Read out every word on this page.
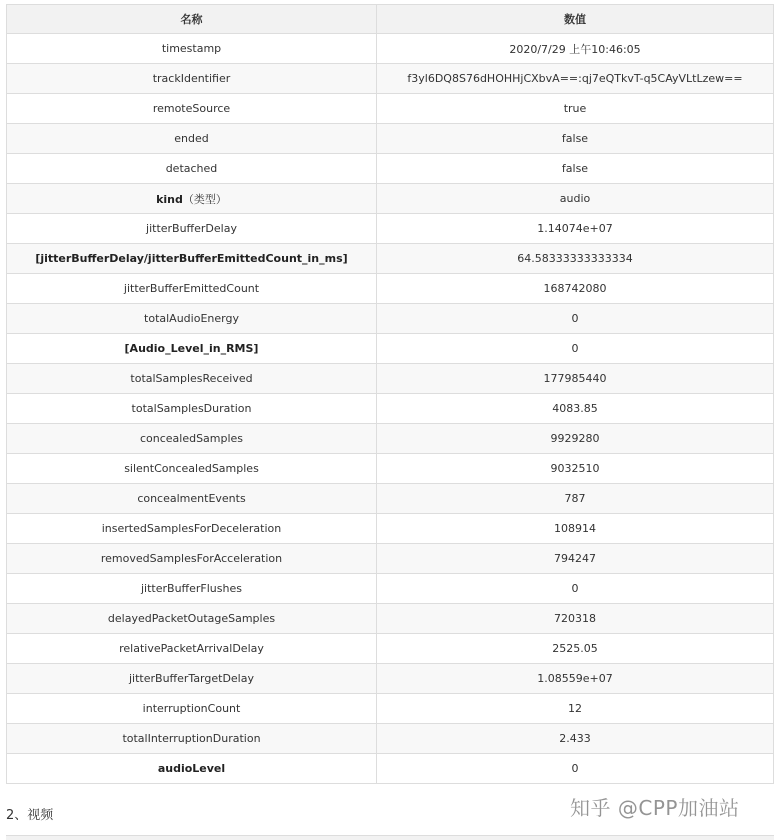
名称	数值
timestamp	2020/7/29 上午10:46:05
trackIdentifier	f3yl6DQ8S76dHOHHjCXbvA==:qj7eQTkvT-q5CAyVLtLzew==
remoteSource	true
ended	false
detached	false
kind（类型）	audio
jitterBufferDelay	1.14074e+07
[jitterBufferDelay/jitterBufferEmittedCount_in_ms]	64.58333333333334
jitterBufferEmittedCount	168742080
totalAudioEnergy	0
[Audio_Level_in_RMS]	0
totalSamplesReceived	177985440
totalSamplesDuration	4083.85
concealedSamples	9929280
silentConcealedSamples	9032510
concealmentEvents	787
insertedSamplesForDeceleration	108914
removedSamplesForAcceleration	794247
jitterBufferFlushes	0
delayedPacketOutageSamples	720318
relativePacketArrivalDelay	2525.05
jitterBufferTargetDelay	1.08559e+07
interruptionCount	12
totalInterruptionDuration	2.433
audioLevel	0
2、视频	知乎 @CPP加油站
